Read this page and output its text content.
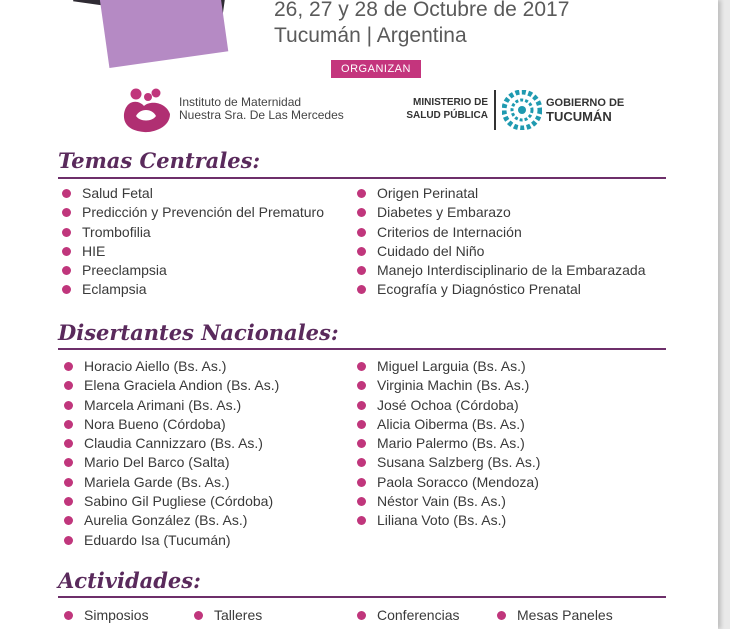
26, 27 y 28 de Octubre de 2017
Tucumán | Argentina
ORGANIZAN
Instituto de Maternidad
Nuestra Sra. De Las Mercedes
MINISTERIO DE
SALUD PÚBLICA
GOBIERNO DE
TUCUMÁN
Temas Centrales:
Salud Fetal
Predicción y Prevención del Prematuro
Trombofilia
HIE
Preeclampsia
Eclampsia
Origen Perinatal
Diabetes y Embarazo
Criterios de Internación
Cuidado del Niño
Manejo Interdisciplinario de la Embarazada
Ecografía y Diagnóstico Prenatal
Disertantes Nacionales:
Horacio Aiello (Bs. As.)
Elena Graciela Andion (Bs. As.)
Marcela Arimani (Bs. As.)
Nora Bueno (Córdoba)
Claudia Cannizzaro (Bs. As.)
Mario Del Barco (Salta)
Mariela Garde (Bs. As.)
Sabino Gil Pugliese (Córdoba)
Aurelia González (Bs. As.)
Eduardo Isa (Tucumán)
Miguel Larguia (Bs. As.)
Virginia Machin (Bs. As.)
José Ochoa (Córdoba)
Alicia Oiberma (Bs. As.)
Mario Palermo (Bs. As.)
Susana Salzberg (Bs. As.)
Paola Soracco (Mendoza)
Néstor Vain (Bs. As.)
Liliana Voto (Bs. As.)
Actividades:
Simposios	Talleres	Conferencias	Mesas Paneles
